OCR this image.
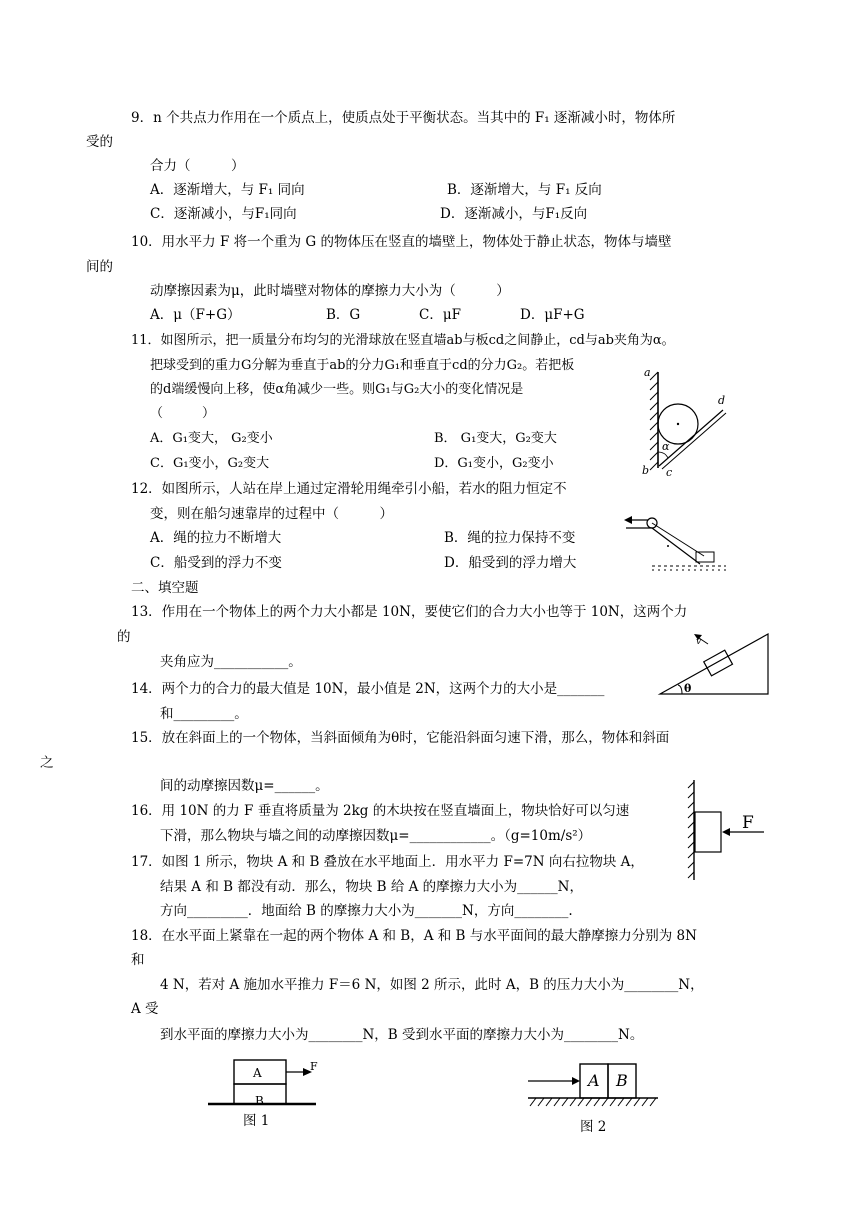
9．n 个共点力作用在一个质点上，使质点处于平衡状态。当其中的 F₁ 逐渐减小时，物体所
受的
合力（　　　）
A．逐渐增大，与 F₁ 同向	B．逐渐增大，与 F₁ 反向
C．逐渐减小，与F₁同向	D．逐渐减小，与F₁反向
10．用水平力 F 将一个重为 G 的物体压在竖直的墙壁上，物体处于静止状态，物体与墙壁
间的
动摩擦因素为μ，此时墙壁对物体的摩擦力大小为（　　　）
A．μ（F+G）	B．G	C．μF	D．μF+G
11．如图所示，把一质量分布均匀的光滑球放在竖直墙ab与板cd之间静止，cd与ab夹角为α。
把球受到的重力G分解为垂直于ab的分力G₁和垂直于cd的分力G₂。若把板
的d端缓慢向上移，使α角减少一些。则G₁与G₂大小的变化情况是
（　　　）
A．G₁变大， G₂变小	B． G₁变大，G₂变大
C．G₁变小，G₂变大	D．G₁变小，G₂变小
a
b c
d
α
12．如图所示，人站在岸上通过定滑轮用绳牵引小船，若水的阻力恒定不
变，则在船匀速靠岸的过程中（　　　）
A．绳的拉力不断增大	B．绳的拉力保持不变
C．船受到的浮力不变	D．船受到的浮力增大
二、填空题
13．作用在一个物体上的两个力大小都是 10N，要使它们的合力大小也等于 10N，这两个力
的
夹角应为___________。
v
θ
14．两个力的合力的最大值是 10N，最小值是 2N，这两个力的大小是_______
和_________。
15．放在斜面上的一个物体，当斜面倾角为θ时，它能沿斜面匀速下滑，那么，物体和斜面
之
间的动摩擦因数μ=______。
16．用 10N 的力 F 垂直将质量为 2kg 的木块按在竖直墙面上，物块恰好可以匀速
下滑，那么物块与墙之间的动摩擦因数μ=____________。（g=10m/s²）
F
17．如图 1 所示，物块 A 和 B 叠放在水平地面上．用水平力 F=7N 向右拉物块 A，
结果 A 和 B 都没有动．那么，物块 B 给 A 的摩擦力大小为______N，
方向_________．地面给 B 的摩擦力大小为_______N，方向________.
18．在水平面上紧靠在一起的两个物体 A 和 B，A 和 B 与水平面间的最大静摩擦力分别为 8N
和
4 N，若对 A 施加水平推力 F＝6 N，如图 2 所示，此时 A，B 的压力大小为________N，
A 受
到水平面的摩擦力大小为________N，B 受到水平面的摩擦力大小为________N。
A
B
F
图 1
A B
图 2
